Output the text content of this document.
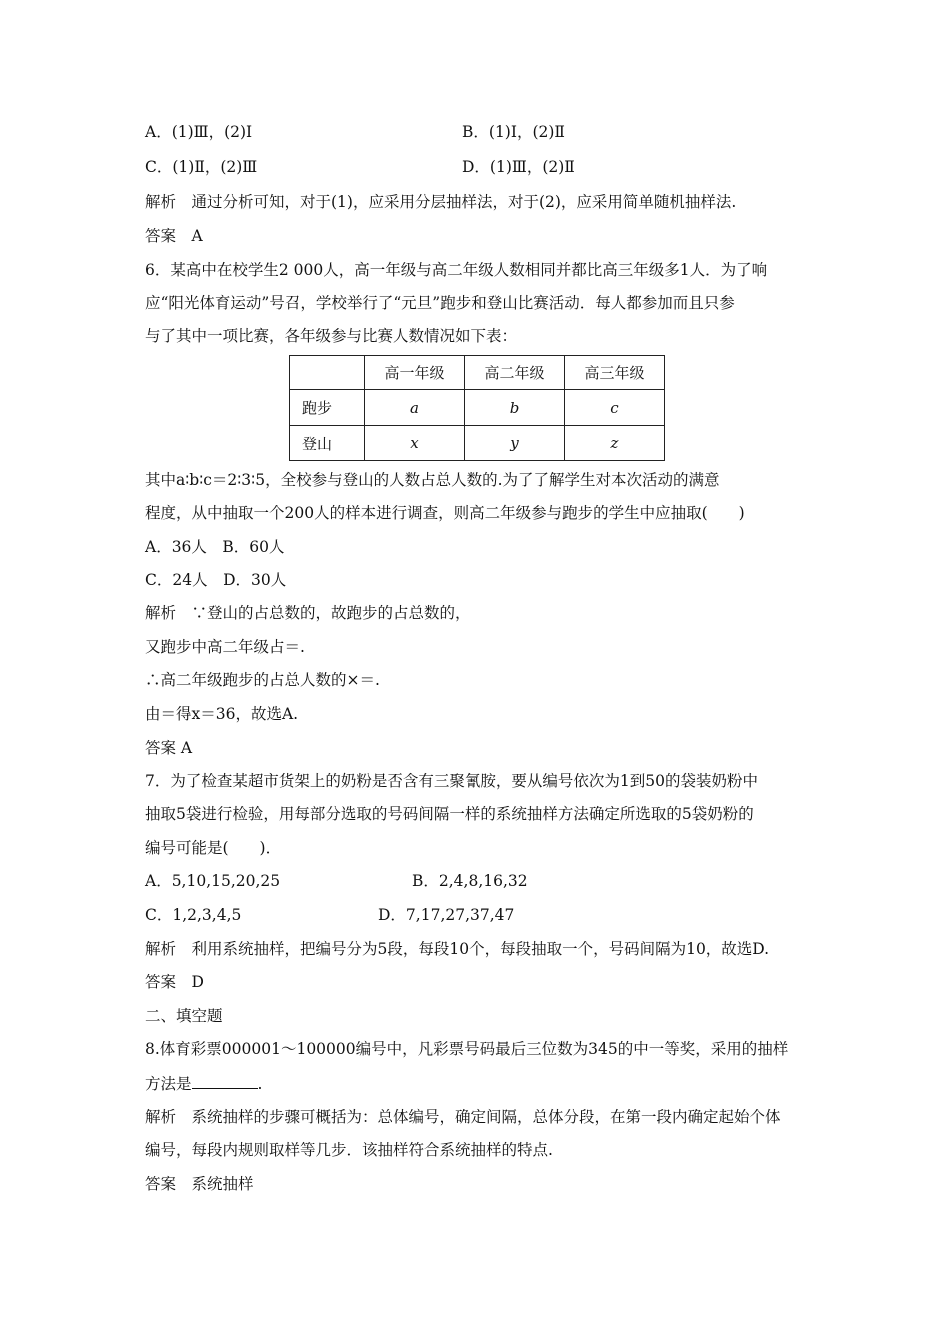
A．(1)Ⅲ，(2)Ⅰ	B．(1)Ⅰ，(2)Ⅱ
C．(1)Ⅱ，(2)Ⅲ	D．(1)Ⅲ，(2)Ⅱ
解析　通过分析可知，对于(1)，应采用分层抽样法，对于(2)，应采用简单随机抽样法.
答案　A
6．某高中在校学生2 000人，高一年级与高二年级人数相同并都比高三年级多1人．为了响
应“阳光体育运动”号召，学校举行了“元旦”跑步和登山比赛活动．每人都参加而且只参
与了其中一项比赛，各年级参与比赛人数情况如下表：
	高一年级	高二年级	高三年级
跑步	a	b	c
登山	x	y	z
其中a∶b∶c＝2∶3∶5，全校参与登山的人数占总人数的.为了了解学生对本次活动的满意
程度，从中抽取一个200人的样本进行调查，则高二年级参与跑步的学生中应抽取(　　)
A．36人　B．60人
C．24人　D．30人
解析　∵登山的占总数的，故跑步的占总数的，
又跑步中高二年级占＝.
∴高二年级跑步的占总人数的×＝.
由＝得x＝36，故选A.
答案 A
7．为了检查某超市货架上的奶粉是否含有三聚氰胺，要从编号依次为1到50的袋装奶粉中
抽取5袋进行检验，用每部分选取的号码间隔一样的系统抽样方法确定所选取的5袋奶粉的
编号可能是(　　)．
A．5,10,15,20,25	B．2,4,8,16,32
C．1,2,3,4,5	D．7,17,27,37,47
解析　利用系统抽样，把编号分为5段，每段10个，每段抽取一个，号码间隔为10，故选D.
答案　D
二、填空题
8.体育彩票000001～100000编号中，凡彩票号码最后三位数为345的中一等奖，采用的抽样
方法是	.
解析　系统抽样的步骤可概括为：总体编号，确定间隔，总体分段，在第一段内确定起始个体
编号，每段内规则取样等几步．该抽样符合系统抽样的特点.
答案　系统抽样
